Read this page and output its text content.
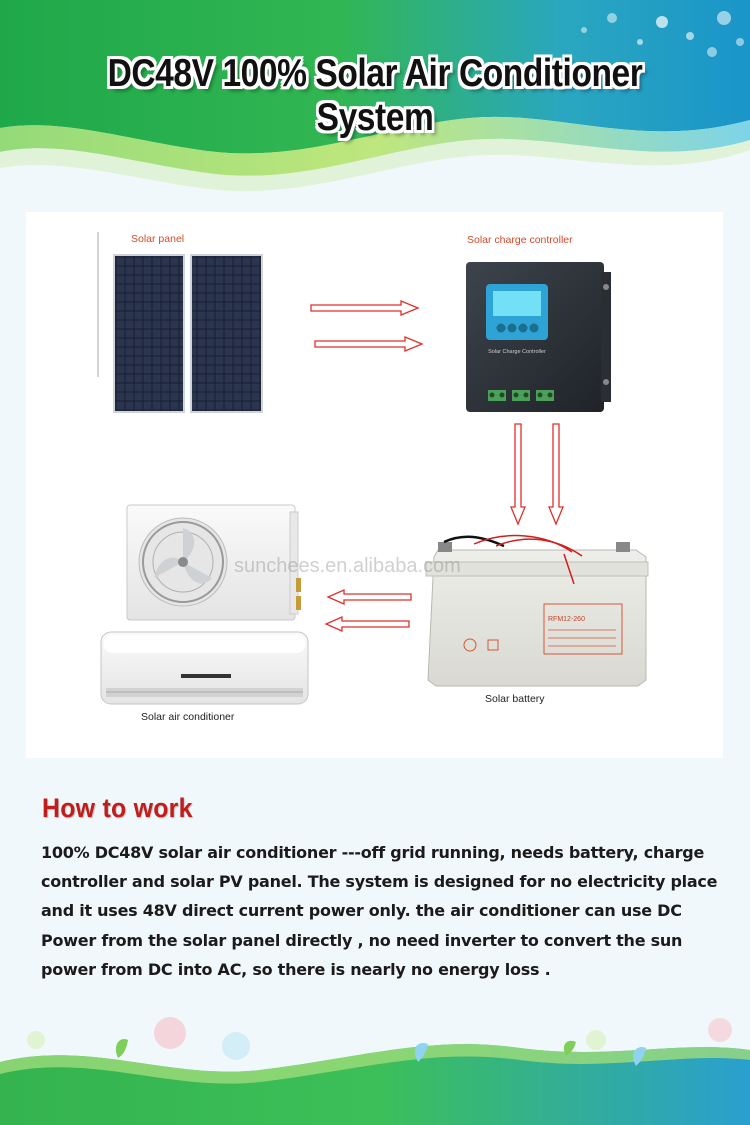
DC48V 100% Solar Air Conditioner System
Solar Charge Controller
RFM12-260
sunchees.en.alibaba.com
Solar panel	Solar charge controller
Solar air conditioner
Solar battery
How to work
100% DC48V solar air conditioner ---off grid running, needs battery, charge controller and solar PV panel. The system is designed for no electricity place and it uses 48V direct current power only. the air conditioner can use DC Power from the solar panel directly , no need inverter to convert the sun power from DC into AC, so there is nearly no energy loss .
